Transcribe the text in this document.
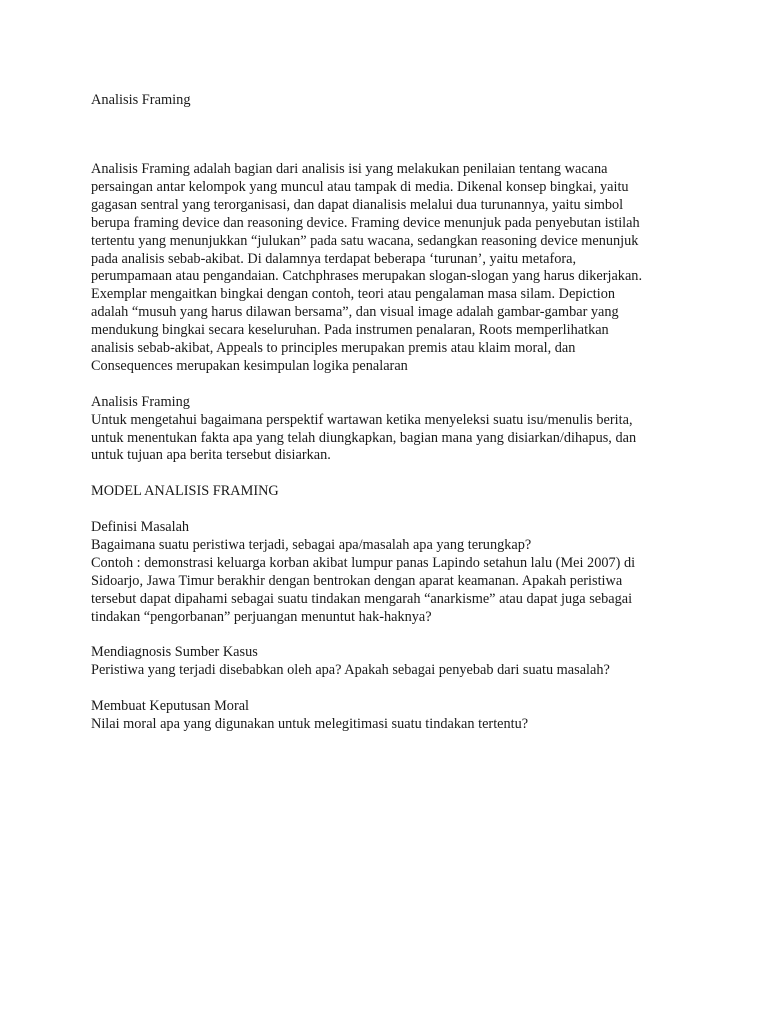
Analisis Framing

Analisis Framing adalah bagian dari analisis isi yang melakukan penilaian tentang wacana
persaingan antar kelompok yang muncul atau tampak di media. Dikenal konsep bingkai, yaitu
gagasan sentral yang terorganisasi, dan dapat dianalisis melalui dua turunannya, yaitu simbol
berupa framing device dan reasoning device. Framing device menunjuk pada penyebutan istilah
tertentu yang menunjukkan “julukan” pada satu wacana, sedangkan reasoning device menunjuk
pada analisis sebab-akibat. Di dalamnya terdapat beberapa ‘turunan’, yaitu metafora,
perumpamaan atau pengandaian. Catchphrases merupakan slogan-slogan yang harus dikerjakan.
Exemplar mengaitkan bingkai dengan contoh, teori atau pengalaman masa silam. Depiction
adalah “musuh yang harus dilawan bersama”, dan visual image adalah gambar-gambar yang
mendukung bingkai secara keseluruhan. Pada instrumen penalaran, Roots memperlihatkan
analisis sebab-akibat, Appeals to principles merupakan premis atau klaim moral, dan
Consequences merupakan kesimpulan logika penalaran

Analisis Framing
Untuk mengetahui bagaimana perspektif wartawan ketika menyeleksi suatu isu/menulis berita,
untuk menentukan fakta apa yang telah diungkapkan, bagian mana yang disiarkan/dihapus, dan
untuk tujuan apa berita tersebut disiarkan.

MODEL ANALISIS FRAMING

Definisi Masalah
Bagaimana suatu peristiwa terjadi, sebagai apa/masalah apa yang terungkap?
Contoh : demonstrasi keluarga korban akibat lumpur panas Lapindo setahun lalu (Mei 2007) di
Sidoarjo, Jawa Timur berakhir dengan bentrokan dengan aparat keamanan. Apakah peristiwa
tersebut dapat dipahami sebagai suatu tindakan mengarah “anarkisme” atau dapat juga sebagai
tindakan “pengorbanan” perjuangan menuntut hak-haknya?

Mendiagnosis Sumber Kasus
Peristiwa yang terjadi disebabkan oleh apa? Apakah sebagai penyebab dari suatu masalah?

Membuat Keputusan Moral
Nilai moral apa yang digunakan untuk melegitimasi suatu tindakan tertentu?
